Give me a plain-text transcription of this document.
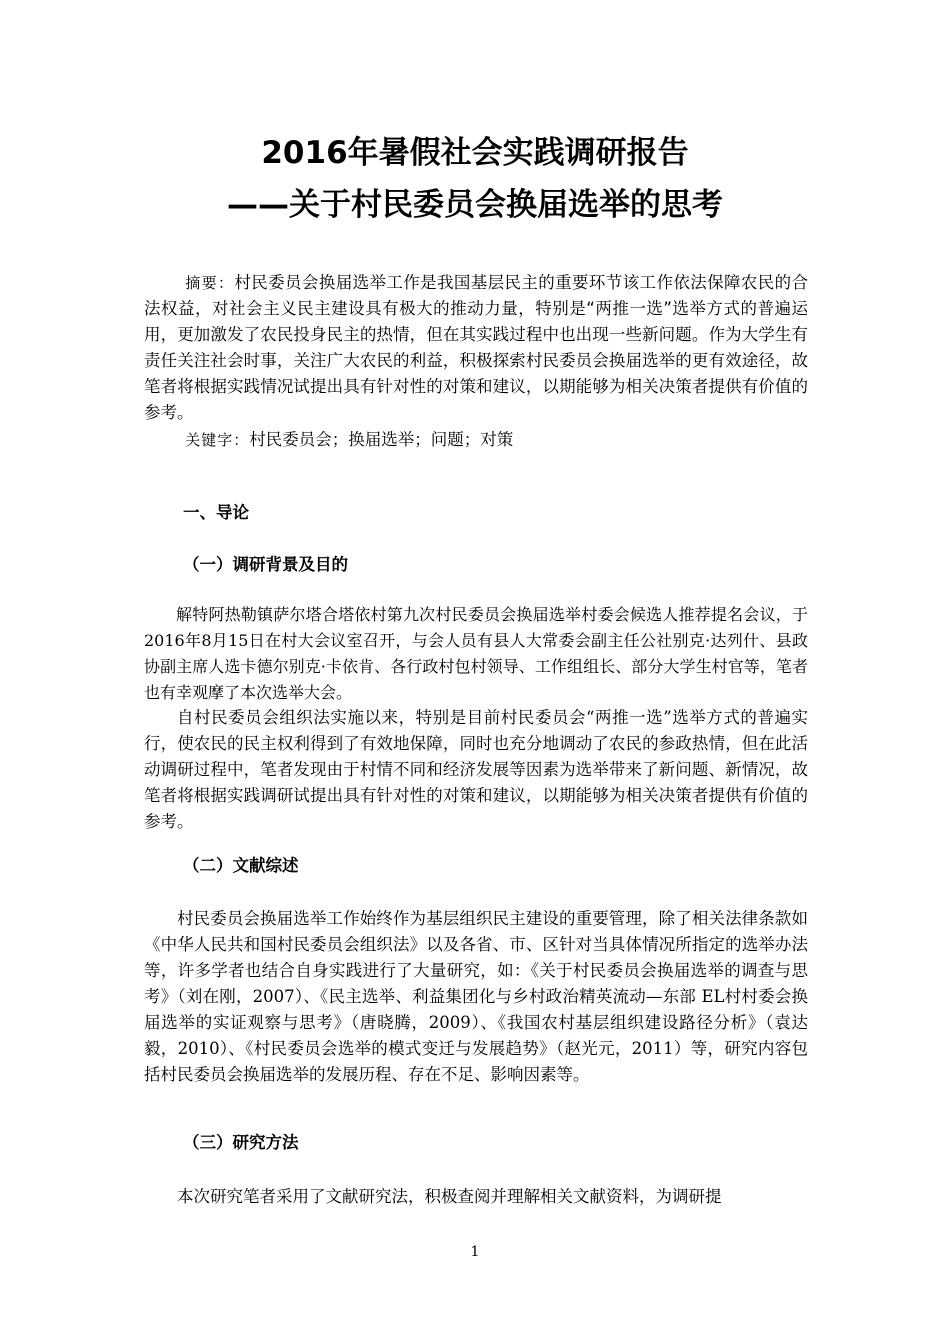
2016年暑假社会实践调研报告
——关于村民委员会换届选举的思考

摘要：村民委员会换届选举工作是我国基层民主的重要环节该工作依法保障农民的合法权益，对社会主义民主建设具有极大的推动力量，特别是“两推一选”选举方式的普遍运用，更加激发了农民投身民主的热情，但在其实践过程中也出现一些新问题。作为大学生有责任关注社会时事，关注广大农民的利益，积极探索村民委员会换届选举的更有效途径，故笔者将根据实践情况试提出具有针对性的对策和建议，以期能够为相关决策者提供有价值的参考。

关键字：村民委员会；换届选举；问题；对策

一、导论
（一）调研背景及目的

解特阿热勒镇萨尔塔合塔依村第九次村民委员会换届选举村委会候选人推荐提名会议，于2016年8月15日在村大会议室召开，与会人员有县人大常委会副主任公社别克·达列什、县政协副主席人选卡德尔别克·卡依肯、各行政村包村领导、工作组组长、部分大学生村官等，笔者也有幸观摩了本次选举大会。

自村民委员会组织法实施以来，特别是目前村民委员会“两推一选”选举方式的普遍实行，使农民的民主权利得到了有效地保障，同时也充分地调动了农民的参政热情，但在此活动调研过程中，笔者发现由于村情不同和经济发展等因素为选举带来了新问题、新情况，故笔者将根据实践调研试提出具有针对性的对策和建议，以期能够为相关决策者提供有价值的参考。

（二）文献综述

村民委员会换届选举工作始终作为基层组织民主建设的重要管理，除了相关法律条款如《中华人民共和国村民委员会组织法》以及各省、市、区针对当具体情况所指定的选举办法等，许多学者也结合自身实践进行了大量研究，如：《关于村民委员会换届选举的调查与思考》（刘在刚，2007）、《民主选举、利益集团化与乡村政治精英流动—东部 EL村村委会换届选举的实证观察与思考》（唐晓腾，2009）、《我国农村基层组织建设路径分析》（袁达毅，2010）、《村民委员会选举的模式变迁与发展趋势》（赵光元，2011）等，研究内容包括村民委员会换届选举的发展历程、存在不足、影响因素等。

（三）研究方法

本次研究笔者采用了文献研究法，积极查阅并理解相关文献资料，为调研提

1
